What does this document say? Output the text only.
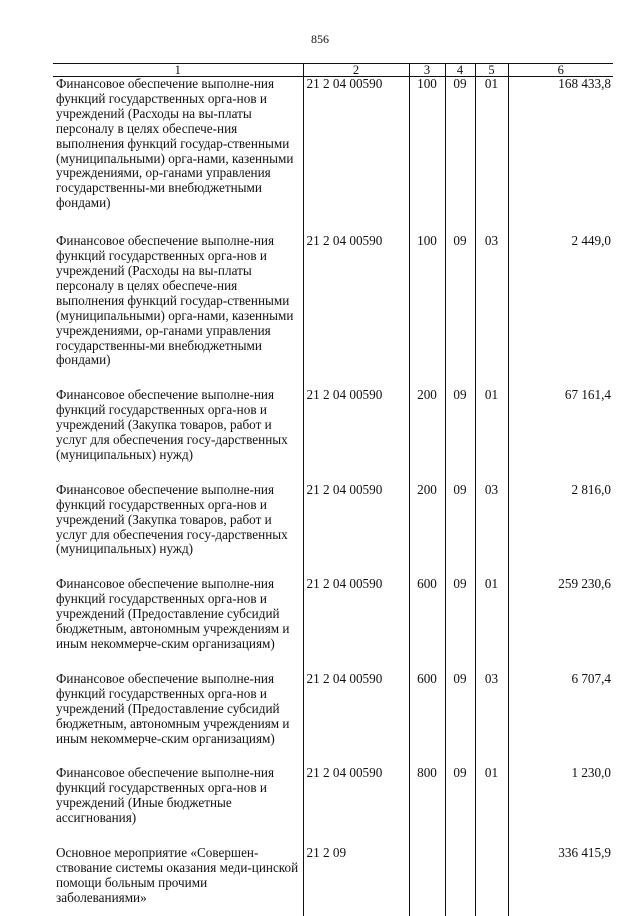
856
1	2	3	4	5	6
Финансовое обеспечение выполне-ния функций государственных орга-нов и учреждений (Расходы на вы-платы персоналу в целях обеспече-ния выполнения функций государ-ственными (муниципальными) орга-нами, казенными учреждениями, ор-ганами управления государственны-ми внебюджетными фондами)	21 2 04 00590	100	09	01	168 433,8
Финансовое обеспечение выполне-ния функций государственных орга-нов и учреждений (Расходы на вы-платы персоналу в целях обеспече-ния выполнения функций государ-ственными (муниципальными) орга-нами, казенными учреждениями, ор-ганами управления государственны-ми внебюджетными фондами)	21 2 04 00590	100	09	03	2 449,0
Финансовое обеспечение выполне-ния функций государственных орга-нов и учреждений (Закупка товаров, работ и услуг для обеспечения госу-дарственных (муниципальных) нужд)	21 2 04 00590	200	09	01	67 161,4
Финансовое обеспечение выполне-ния функций государственных орга-нов и учреждений (Закупка товаров, работ и услуг для обеспечения госу-дарственных (муниципальных) нужд)	21 2 04 00590	200	09	03	2 816,0
Финансовое обеспечение выполне-ния функций государственных орга-нов и учреждений (Предоставление субсидий бюджетным, автономным учреждениям и иным некоммерче-ским организациям)	21 2 04 00590	600	09	01	259 230,6
Финансовое обеспечение выполне-ния функций государственных орга-нов и учреждений (Предоставление субсидий бюджетным, автономным учреждениям и иным некоммерче-ским организациям)	21 2 04 00590	600	09	03	6 707,4
Финансовое обеспечение выполне-ния функций государственных орга-нов и учреждений (Иные бюджетные ассигнования)	21 2 04 00590	800	09	01	1 230,0
Основное мероприятие «Совершен-ствование системы оказания меди-цинской помощи больным прочими заболеваниями»	21 2 09				336 415,9
